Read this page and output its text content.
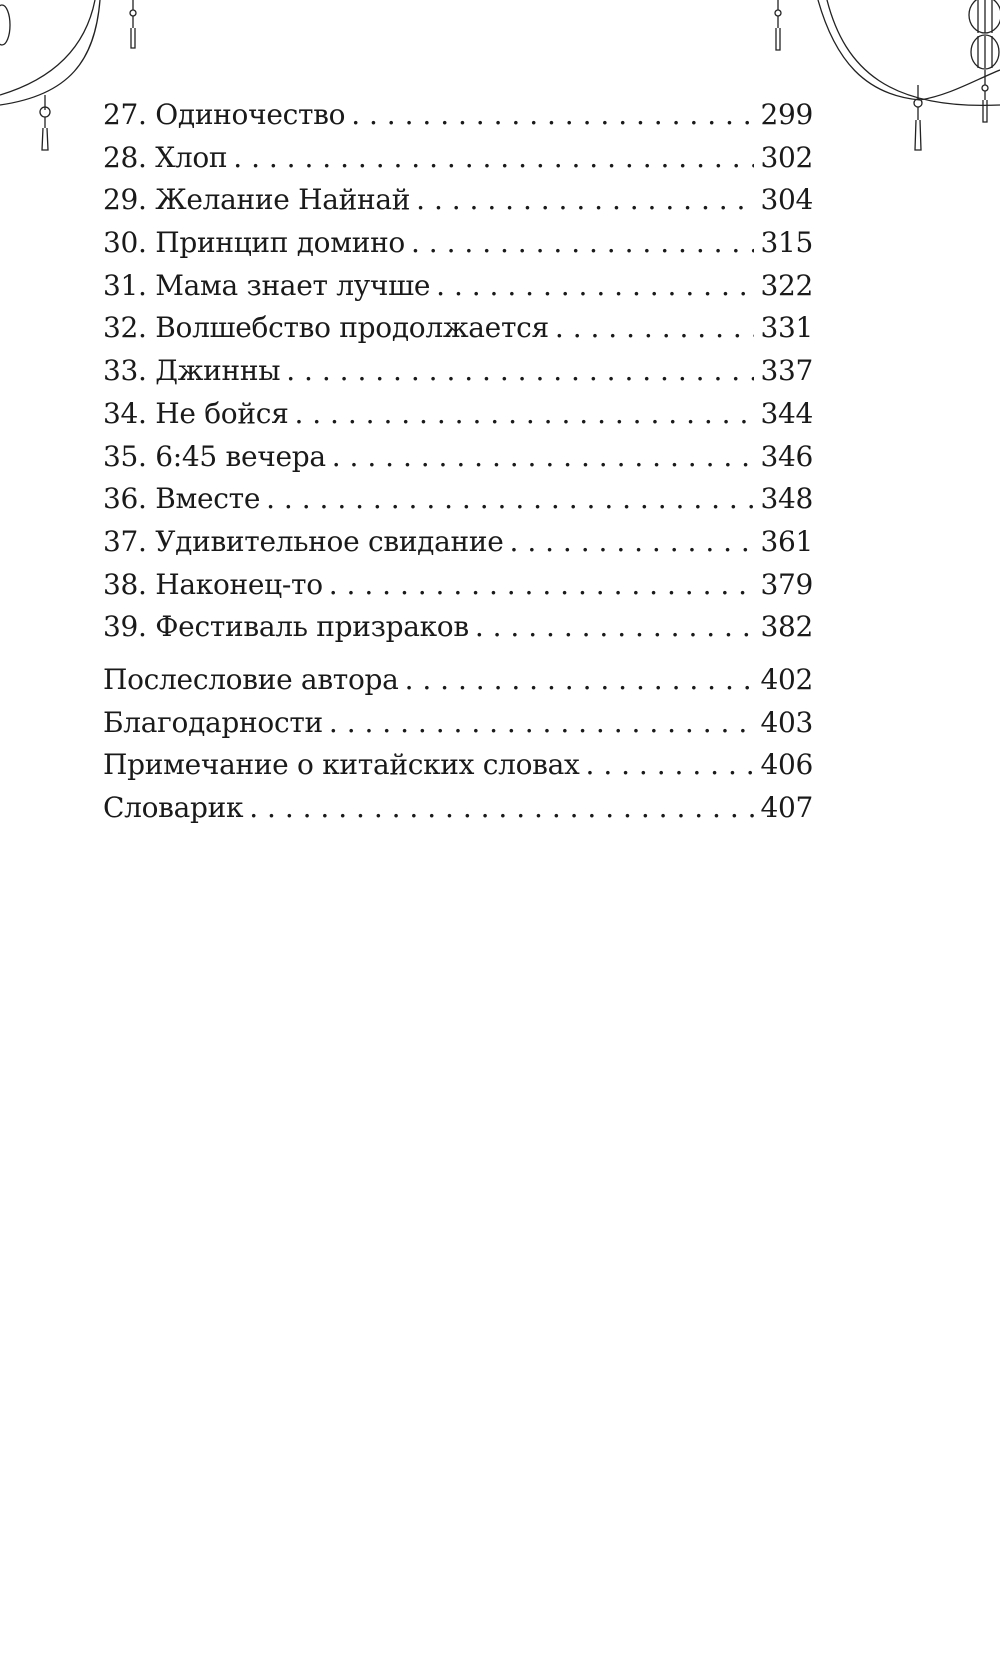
27. Одиночество . . .	299
28. Хлоп . . .	302
29. Желание Найнай . . .	304
30. Принцип домино . . .	315
31. Мама знает лучше . . .	322
32. Волшебство продолжается . . .	331
33. Джинны . . .	337
34. Не бойся . . .	344
35. 6:45 вечера . . .	346
36. Вместе . . .	348
37. Удивительное свидание . . .	361
38. Наконец-то . . .	379
39. Фестиваль призраков . . .	382
Послесловие автора . . .	402
Благодарности . . .	403
Примечание о китайских словах . . .	406
Словарик . . .	407
